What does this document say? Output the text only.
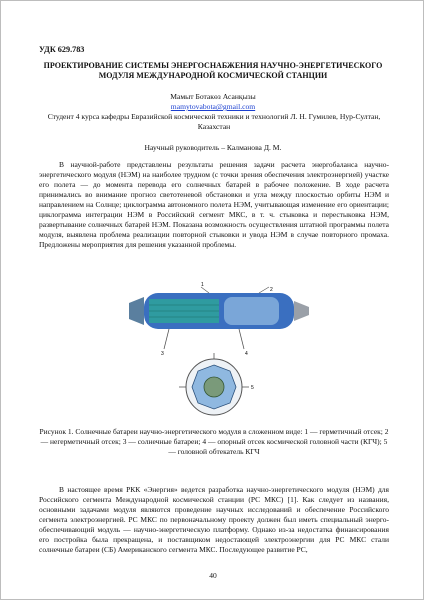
УДК 629.783
ПРОЕКТИРОВАНИЕ СИСТЕМЫ ЭНЕРГОСНАБЖЕНИЯ НАУЧНО-ЭНЕРГЕТИЧЕСКОГО МОДУЛЯ МЕЖДУНАРОДНОЙ КОСМИЧЕСКОЙ СТАНЦИИ
Мамыт Ботакөз Асанқызы
mamytovabota@gmail.com
Студент 4 курса кафедры Евразийской космической техники и технологий Л. Н. Гумилев, Нур-Султан, Казахстан
Научный руководитель – Калманова Д. М.

В научной-работе представлены результаты решения задачи расчета энергобаланса научно-энергетического модуля (НЭМ) на наиболее трудном (с точки зрения обеспечения электроэнергией) участке его полета — до момента перевода его солнечных батарей в рабочее положение. В ходе расчета принимались во внимание прогноз светотеневой обстановки и угла между плоскостью орбиты НЭМ и направлением на Солнце; циклограмма автономного полета НЭМ, учитывающая изменение его ориентации; циклограмма интеграции НЭМ в Российский сегмент МКС, в т. ч. стыковка и перестыковка НЭМ, развертывание солнечных батарей НЭМ. Показана возможность осуществления штатной программы полета модуля, выявлена проблема реализации повторной стыковки и увода НЭМ в случае повторного промаха. Предложены мероприятия для решения указанной проблемы.

1
2
3	4
5
Рисунок 1. Солнечные батареи научно-энергетического модуля в сложенном виде: 1 — герметичный отсек; 2 — негерметичный отсек; 3 — солнечные батареи; 4 — опорный отсек космической головной части (КГЧ); 5 — головной обтекатель КГЧ

В настоящее время РКК «Энергия» ведется разработка научно-энергетического модуля (НЭМ) для Российского сегмента Международной космической станции (РС МКС) [1]. Как следует из названия, основными задачами модуля являются проведение научных исследований и обеспечение Российского сегмента электроэнергией. РС МКС по первоначальному проекту должен был иметь специальный энерго-обеспечивающий модуль — научно-энергетическую платформу. Однако из-за недостатка финансирования его постройка была прекращена, и поставщиком недостающей электроэнергии для РС МКС стали солнечные батареи (СБ) Американского сегмента МКС. Последующее развитие РС,

40
